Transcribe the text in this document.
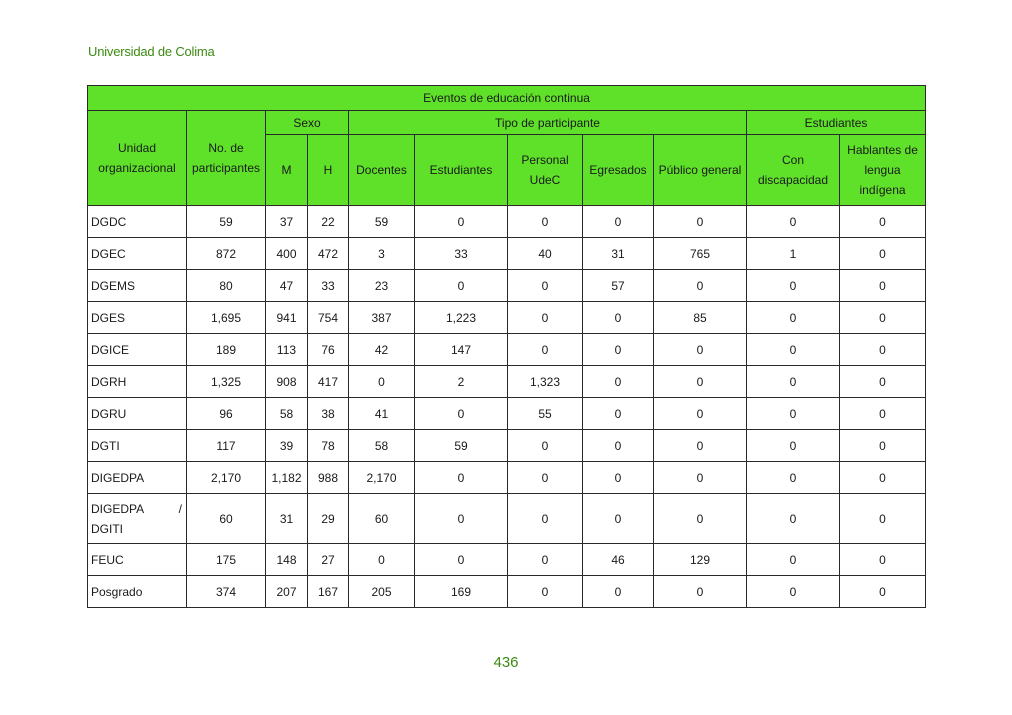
Universidad de Colima
Eventos de educación continua										
Unidad organizacional	No. de participantes	Sexo		Tipo de participante					Estudiantes	
		M	H	Docentes	Estudiantes	Personal UdeC	Egresados	Público general	Con discapacidad	Hablantes de lengua indígena
DGDC	59	37	22	59	0	0	0	0	0	0
DGEC	872	400	472	3	33	40	31	765	1	0
DGEMS	80	47	33	23	0	0	57	0	0	0
DGES	1,695	941	754	387	1,223	0	0	85	0	0
DGICE	189	113	76	42	147	0	0	0	0	0
DGRH	1,325	908	417	0	2	1,323	0	0	0	0
DGRU	96	58	38	41	0	55	0	0	0	0
DGTI	117	39	78	58	59	0	0	0	0	0
DIGEDPA	2,170	1,182	988	2,170	0	0	0	0	0	0

DIGEDPA /
DGITI	60	31	29	60	0	0	0	0	0	0
FEUC	175	148	27	0	0	0	46	129	0	0
Posgrado	374	207	167	205	169	0	0	0	0	0
436
